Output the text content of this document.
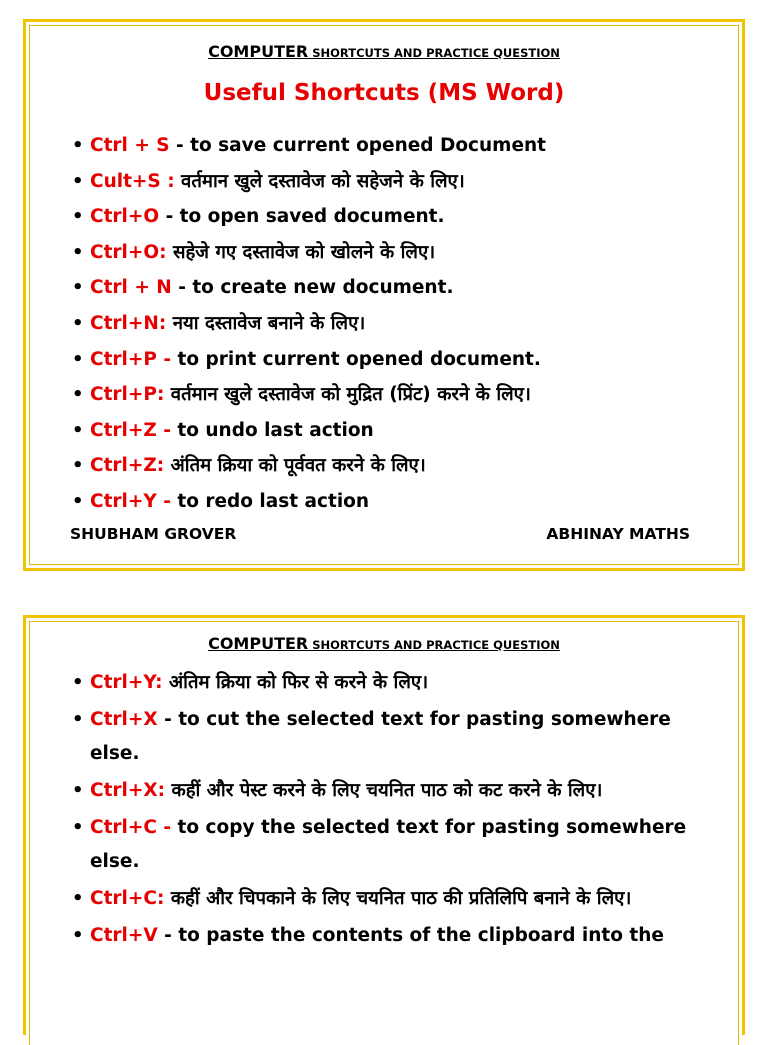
COMPUTER SHORTCUTS AND PRACTICE QUESTION
Useful Shortcuts (MS Word)
• Ctrl + S - to save current opened Document
• Cult+S : वर्तमान खुले दस्तावेज को सहेजने के लिए।
• Ctrl+O - to open saved document.
• Ctrl+O: सहेजे गए दस्तावेज को खोलने के लिए।
• Ctrl + N - to create new document.
• Ctrl+N: नया दस्तावेज बनाने के लिए।
• Ctrl+P - to print current opened document.
• Ctrl+P: वर्तमान खुले दस्तावेज को मुद्रित (प्रिंट) करने के लिए।
• Ctrl+Z - to undo last action
• Ctrl+Z: अंतिम क्रिया को पूर्ववत करने के लिए।
• Ctrl+Y - to redo last action
SHUBHAM GROVER	ABHINAY MATHS
COMPUTER SHORTCUTS AND PRACTICE QUESTION
• Ctrl+Y: अंतिम क्रिया को फिर से करने के लिए।
• Ctrl+X - to cut the selected text for pasting somewhere else.
• Ctrl+X: कहीं और पेस्ट करने के लिए चयनित पाठ को कट करने के लिए।
• Ctrl+C - to copy the selected text for pasting somewhere else.
• Ctrl+C: कहीं और चिपकाने के लिए चयनित पाठ की प्रतिलिपि बनाने के लिए।
• Ctrl+V - to paste the contents of the clipboard into the
